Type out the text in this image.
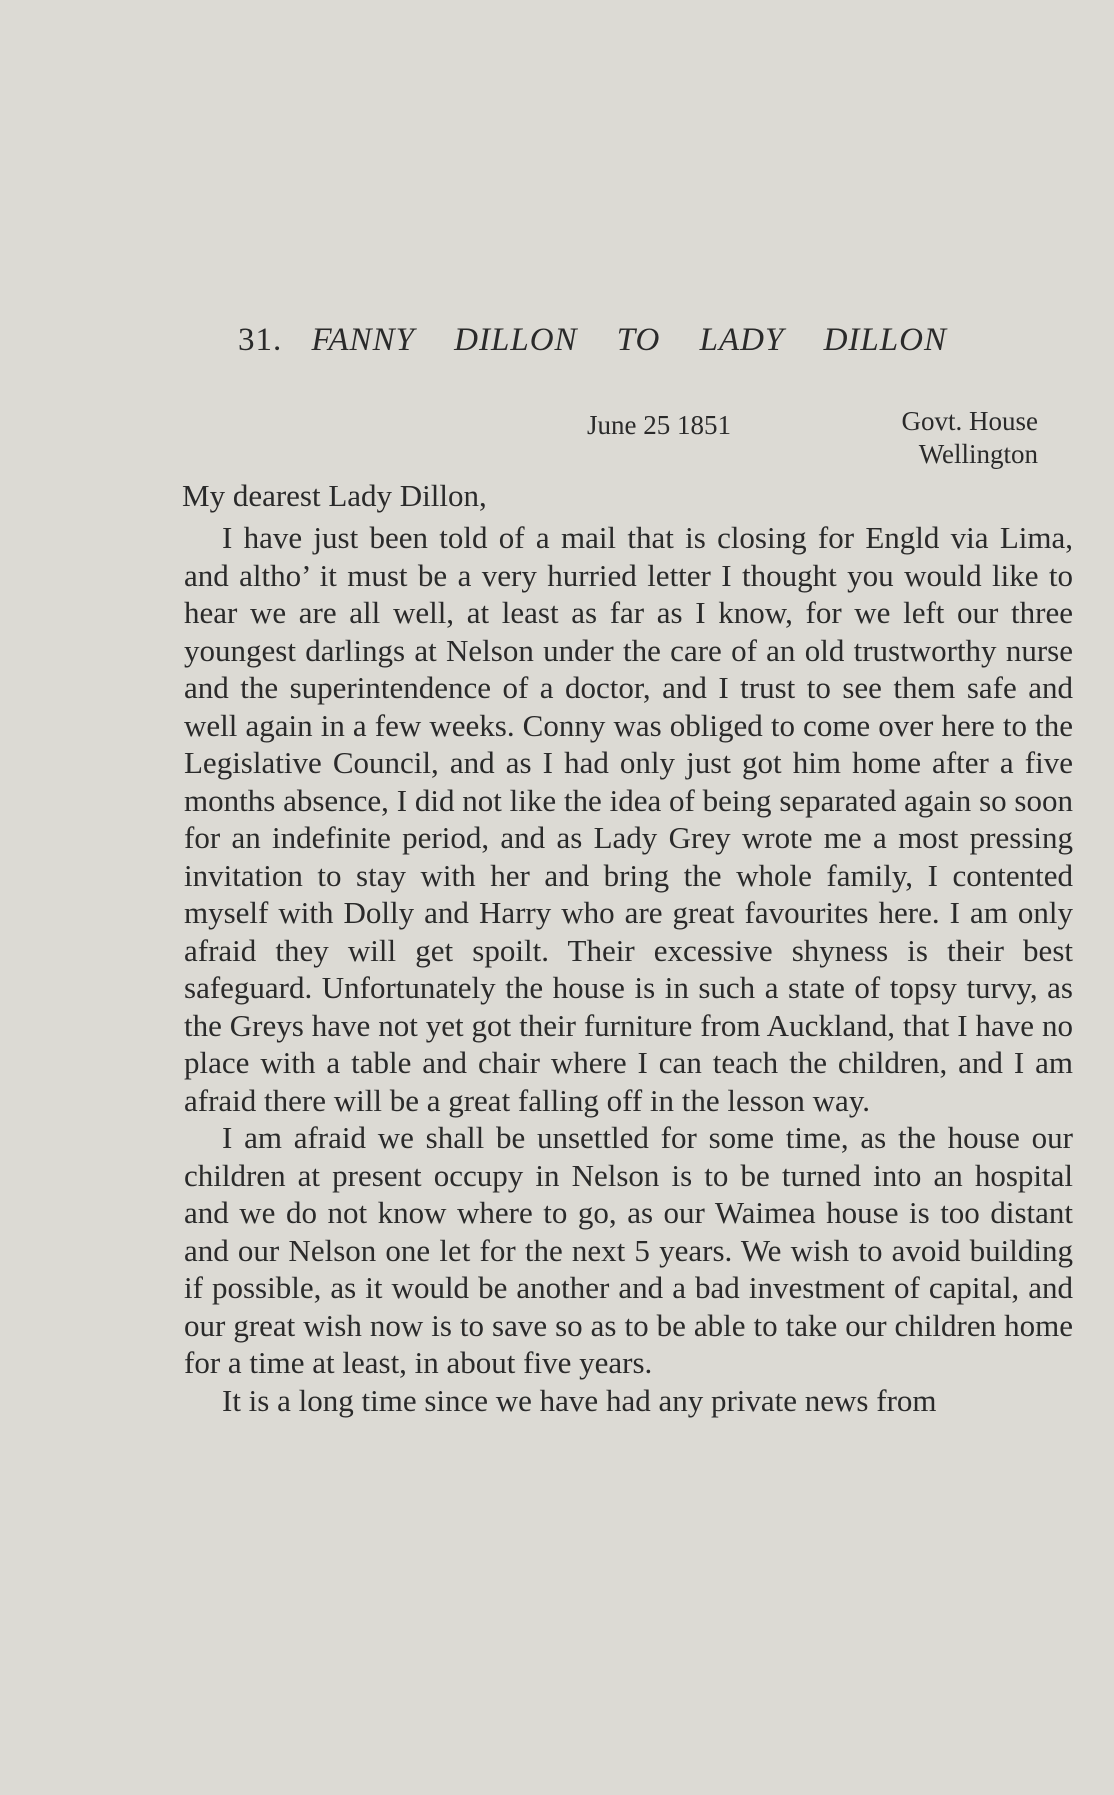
31. FANNY DILLON TO LADY DILLON
June 25 1851	Govt. House
Wellington
My dearest Lady Dillon,

I have just been told of a mail that is closing for Engld via Lima, and altho’ it must be a very hurried letter I thought you would like to hear we are all well, at least as far as I know, for we left our three youngest darlings at Nelson under the care of an old trustworthy nurse and the superintendence of a doctor, and I trust to see them safe and well again in a few weeks. Conny was obliged to come over here to the Legislative Council, and as I had only just got him home after a five months absence, I did not like the idea of being separated again so soon for an indefinite period, and as Lady Grey wrote me a most pressing invitation to stay with her and bring the whole family, I contented myself with Dolly and Harry who are great favourites here. I am only afraid they will get spoilt. Their excessive shyness is their best safeguard. Unfortunately the house is in such a state of topsy turvy, as the Greys have not yet got their furniture from Auckland, that I have no place with a table and chair where I can teach the children, and I am afraid there will be a great falling off in the lesson way.

I am afraid we shall be unsettled for some time, as the house our children at present occupy in Nelson is to be turned into an hospital and we do not know where to go, as our Waimea house is too distant and our Nelson one let for the next 5 years. We wish to avoid building if possible, as it would be another and a bad investment of capital, and our great wish now is to save so as to be able to take our children home for a time at least, in about five years.

It is a long time since we have had any private news from
